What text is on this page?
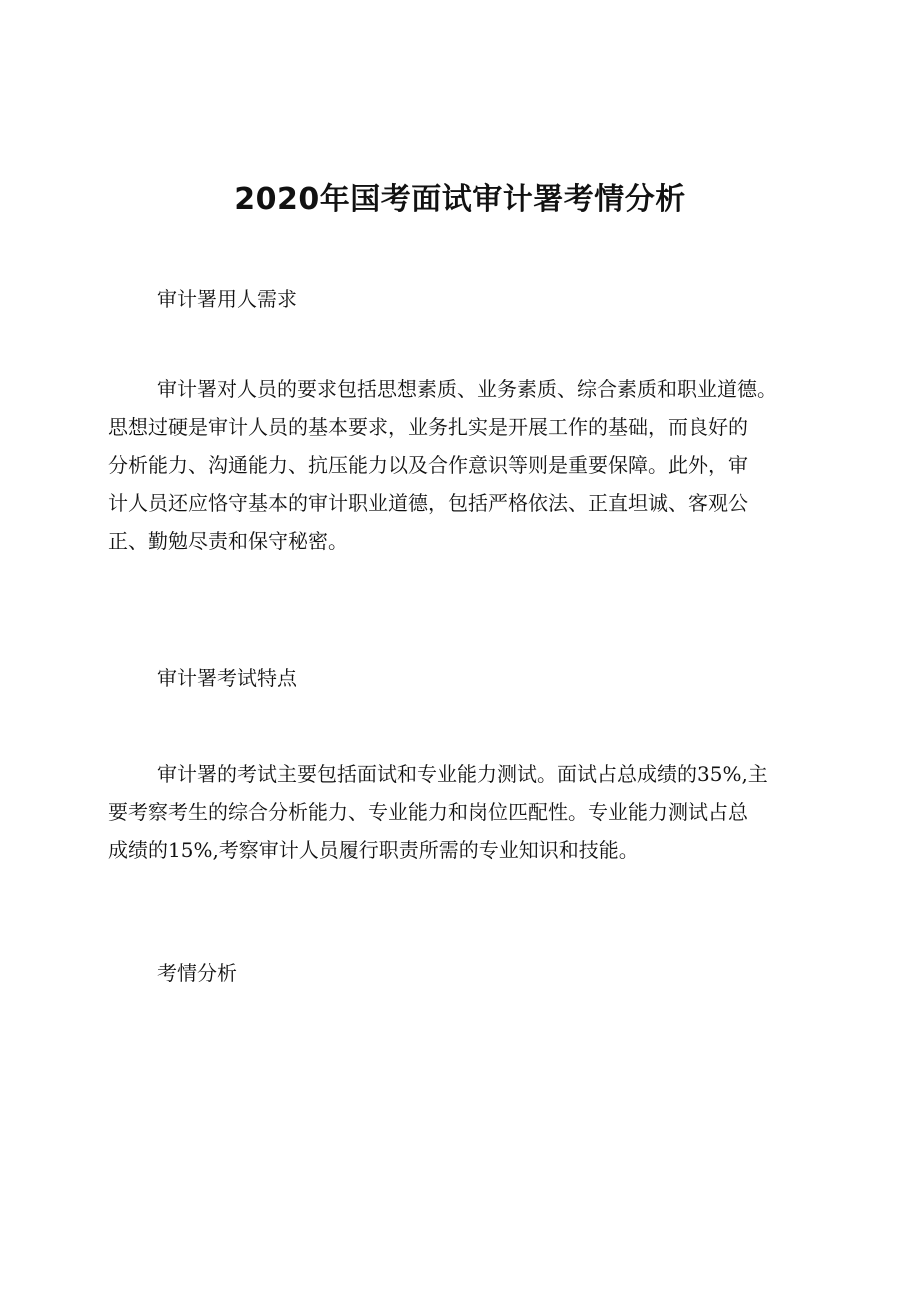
2020年国考面试审计署考情分析
审计署用人需求
审计署对人员的要求包括思想素质、业务素质、综合素质和职业道德。
思想过硬是审计人员的基本要求，业务扎实是开展工作的基础，而良好的
分析能力、沟通能力、抗压能力以及合作意识等则是重要保障。此外，审
计人员还应恪守基本的审计职业道德，包括严格依法、正直坦诚、客观公
正、勤勉尽责和保守秘密。
审计署考试特点
审计署的考试主要包括面试和专业能力测试。面试占总成绩的35%,主
要考察考生的综合分析能力、专业能力和岗位匹配性。专业能力测试占总
成绩的15%,考察审计人员履行职责所需的专业知识和技能。
考情分析
